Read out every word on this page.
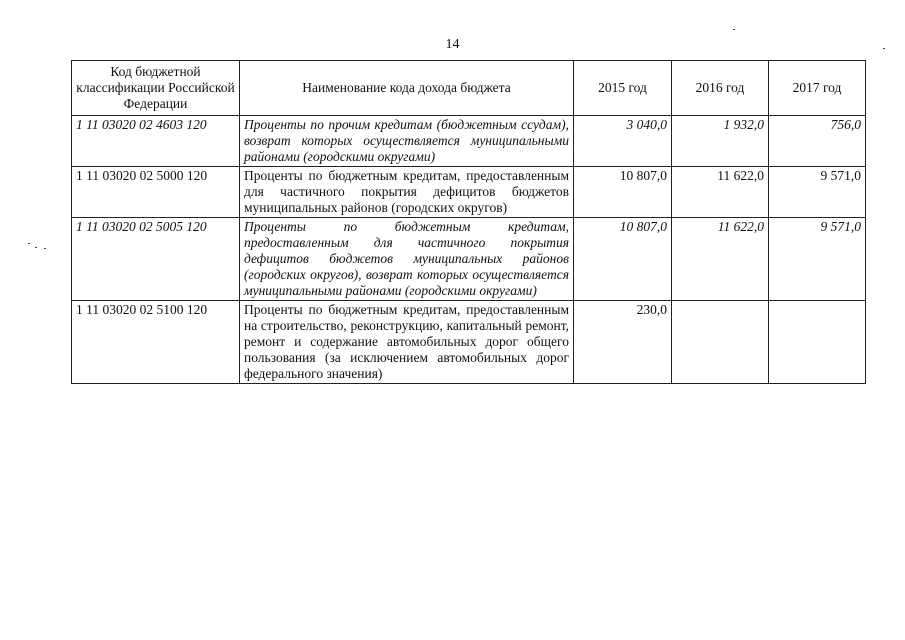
14
Код бюджетной классификации Российской Федерации	Наименование кода дохода бюджета	2015 год	2016 год	2017 год
1 11 03020 02 4603 120	Проценты по прочим кредитам (бюджетным ссудам), возврат которых осуществляется муниципальными районами (городскими округами)	3 040,0	1 932,0	756,0
1 11 03020 02 5000 120	Проценты по бюджетным кредитам, предоставленным для частичного покрытия дефицитов бюджетов муниципальных районов (городских округов)	10 807,0	11 622,0	9 571,0
1 11 03020 02 5005 120	Проценты по бюджетным кредитам, предоставленным для частичного покрытия дефицитов бюджетов муниципальных районов (городских округов), возврат которых осуществляется муниципальными районами (городскими округами)	10 807,0	11 622,0	9 571,0
1 11 03020 02 5100 120	Проценты по бюджетным кредитам, предоставленным на строительство, реконструкцию, капитальный ремонт, ремонт и содержание автомобильных дорог общего пользования (за исключением автомобильных дорог федерального значения)	230,0		
